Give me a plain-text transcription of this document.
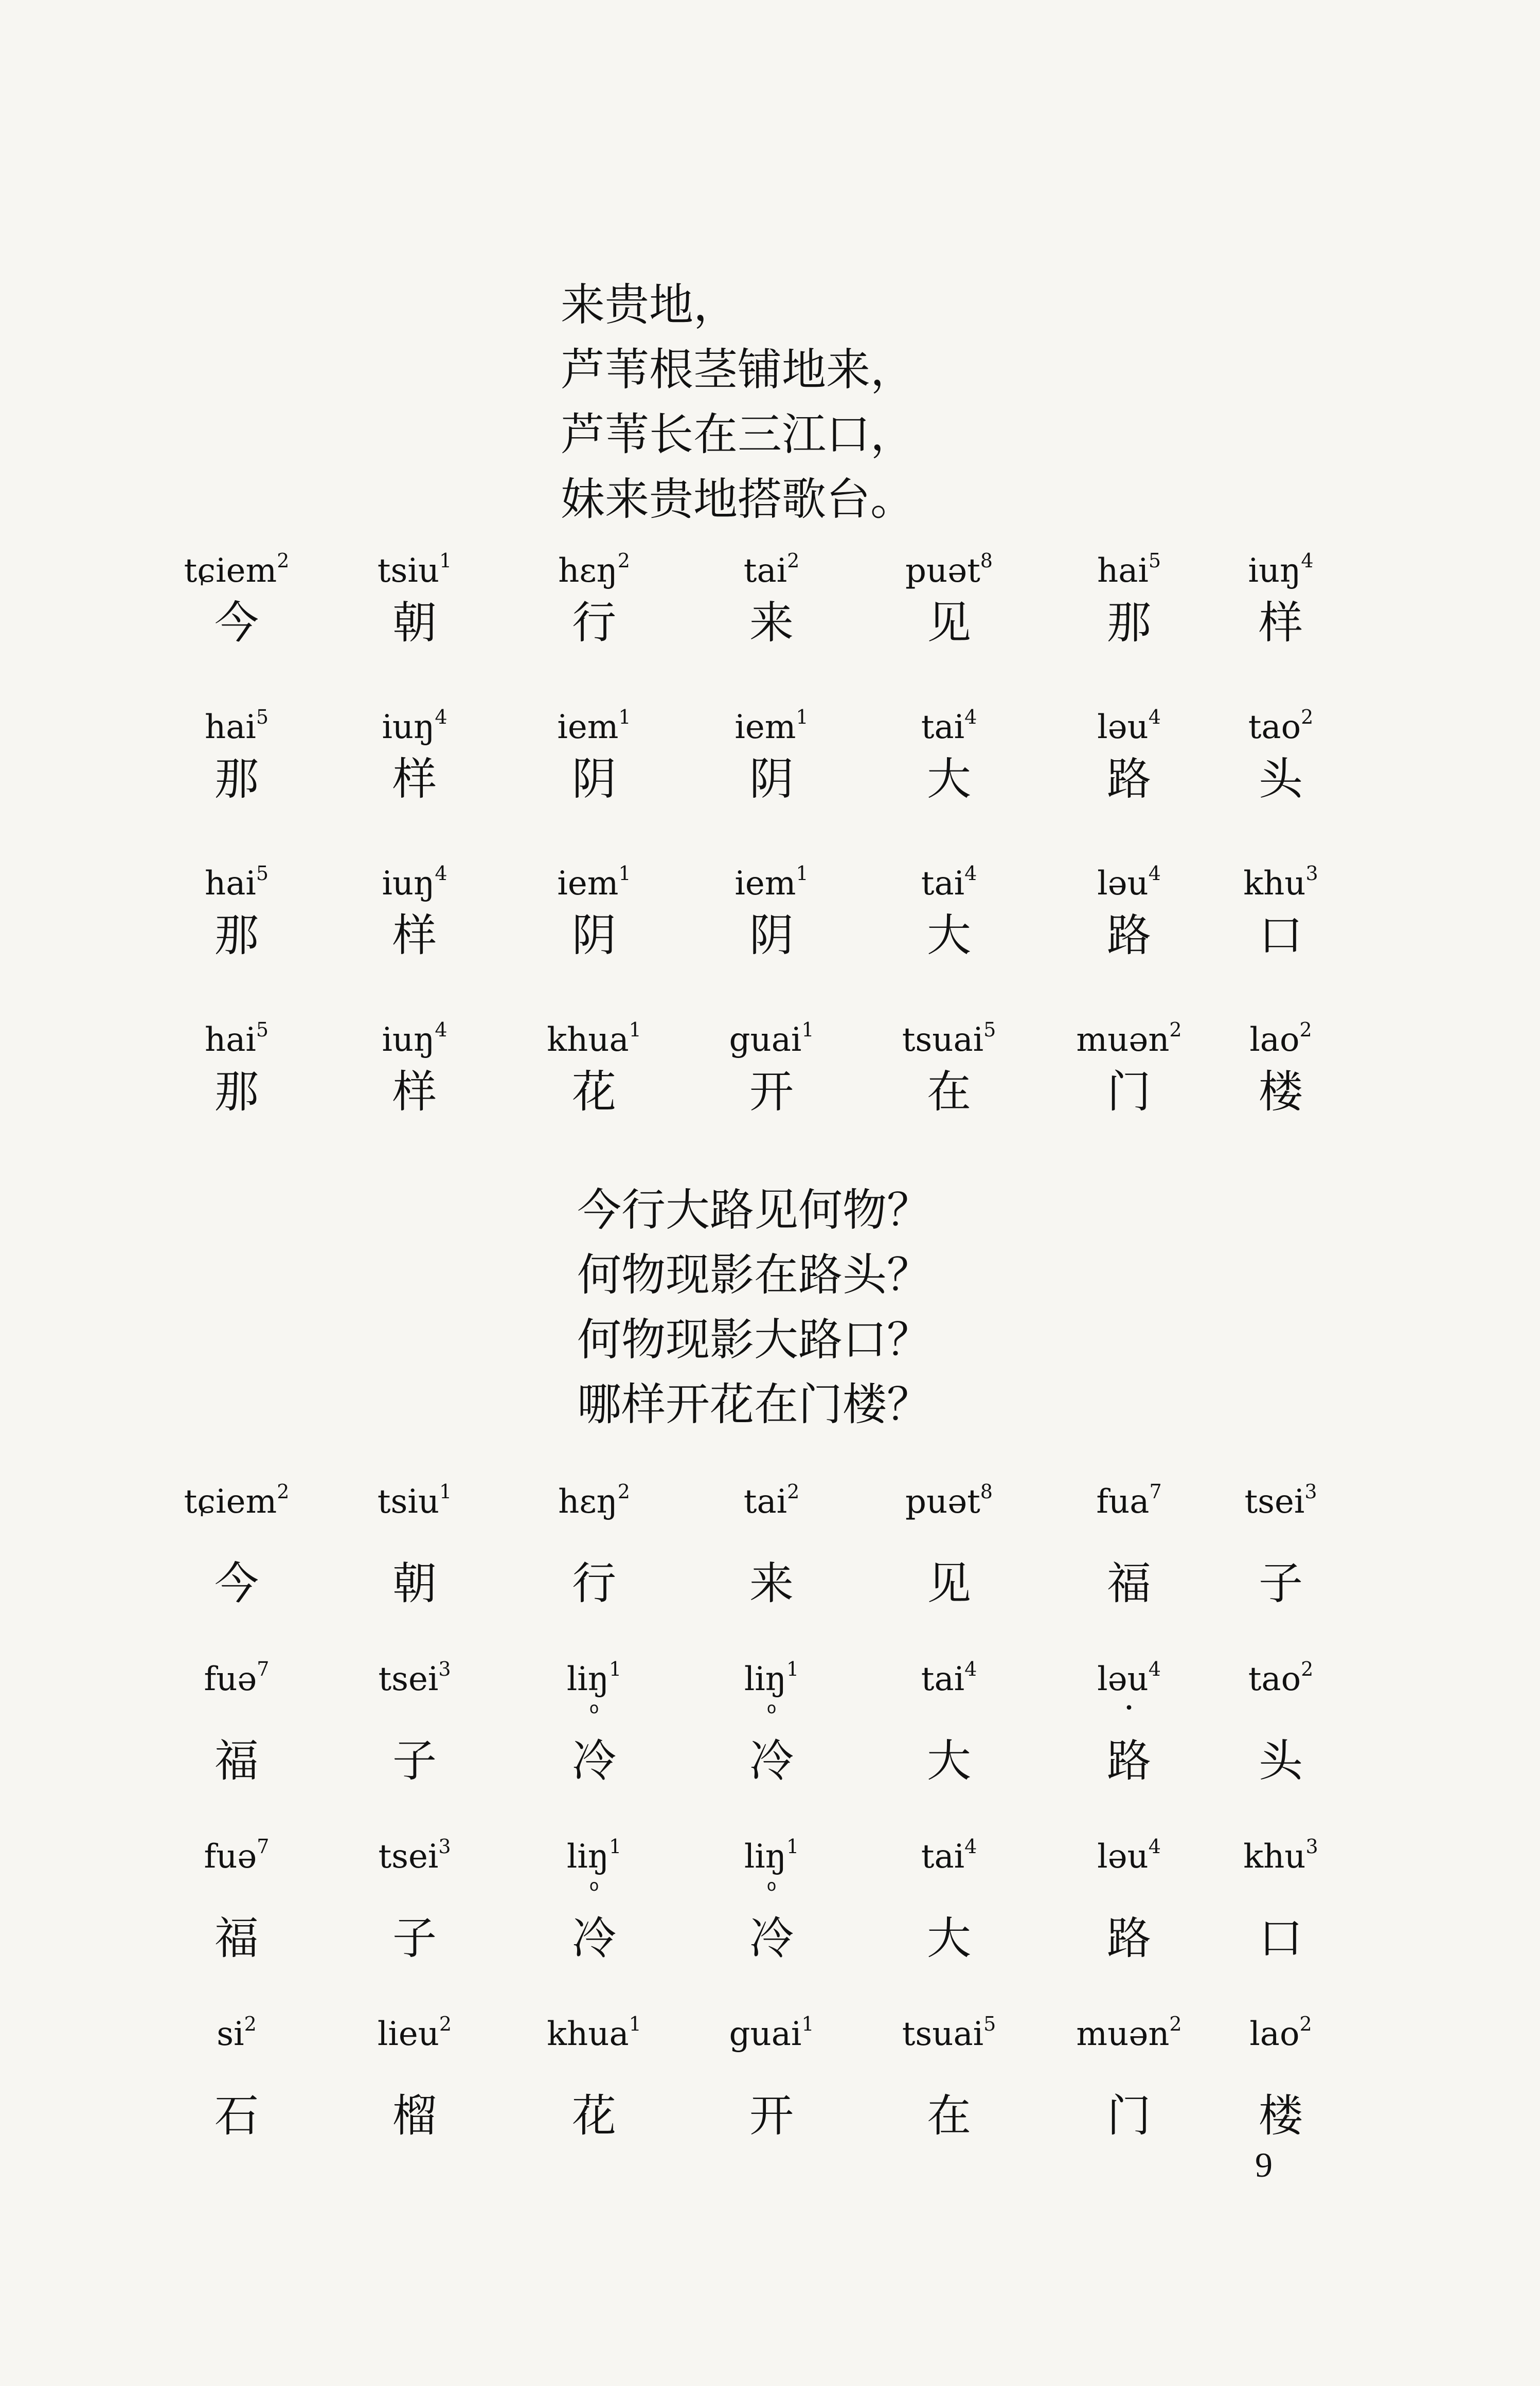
来贵地，
芦苇根茎铺地来，
芦苇长在三江口，
妹来贵地搭歌台。
tɕiem$^2$
今
tsiu$^1$
朝
hɛŋ$^2$
行
tai$^2$
来
puət$^8$
见
hai$^5$
那
iuŋ$^4$
样
hai$^5$
那
iuŋ$^4$
样
iem$^1$
阴
iem$^1$
阴
tai$^4$
大
ləu$^4$
路
tao$^2$
头
hai$^5$
那
iuŋ$^4$
样
iem$^1$
阴
iem$^1$
阴
tai$^4$
大
ləu$^4$
路
khu$^3$
口
hai$^5$
那
iuŋ$^4$
样
khua$^1$
花
guai$^1$
开
tsuai$^5$
在
muən$^2$
门
lao$^2$
楼
今行大路见何物？
何物现影在路头？
何物现影大路口？
哪样开花在门楼？
tɕiem$^2$
今
tsiu$^1$
朝
hɛŋ$^2$
行
tai$^2$
来
puət$^8$
见
fua$^7$
福
tsei$^3$
子
fuə$^7$
福
tsei$^3$
子
liŋ$^1$
o
冷
liŋ$^1$
o
冷
tai$^4$
大
ləu$^4$
•
路
tao$^2$
头
fuə$^7$
福
tsei$^3$
子
liŋ$^1$
o
冷
liŋ$^1$
o
冷
tai$^4$
大
ləu$^4$
路
khu$^3$
口
$si^2$
石
lieu$^2$
榴
khua$^1$
花
guai$^1$
开
tsuai$^5$
在
muən$^2$
门
lao$^2$
楼
9
